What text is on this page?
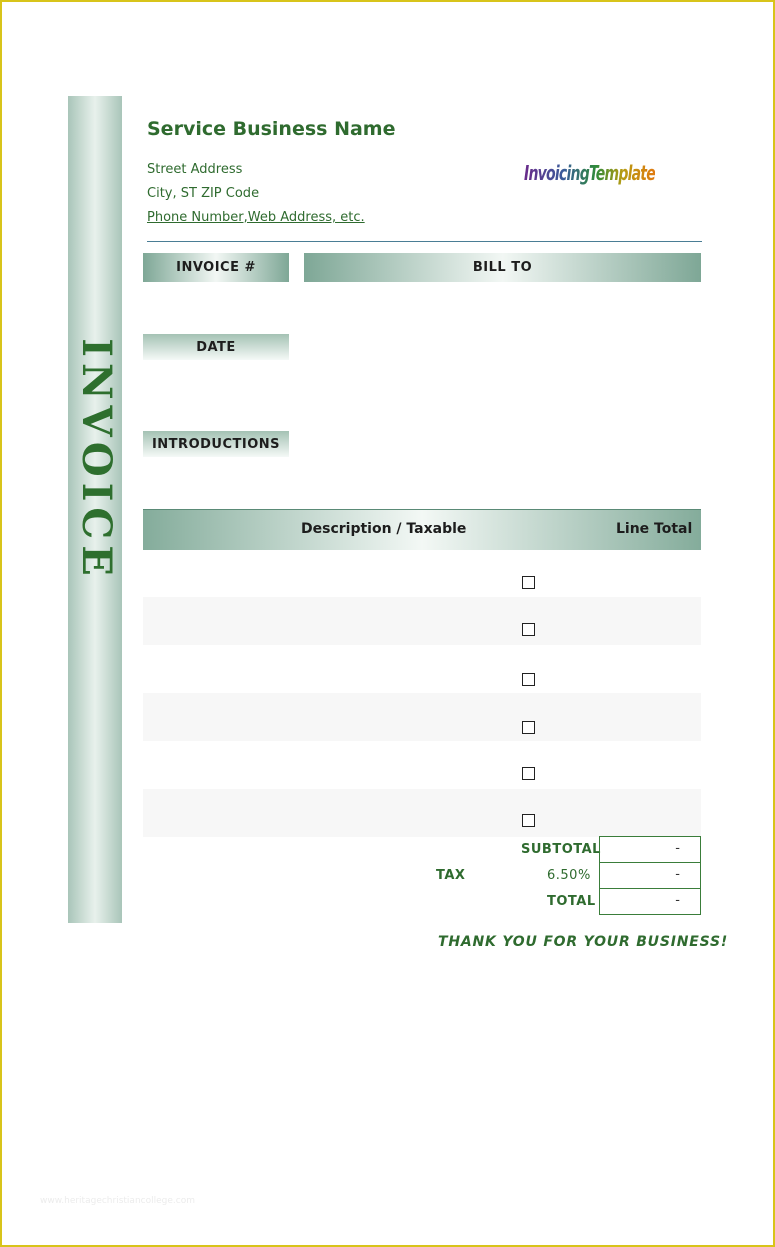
INVOICE
Service Business Name
Street Address
City, ST ZIP Code
Phone Number,Web Address, etc.
InvoicingTemplate
INVOICE #	BILL TO
DATE
INTRODUCTIONS
Description / Taxable	Line Total
SUBTOTAL	-
TAX	6.50%	-
TOTAL	-
THANK YOU FOR YOUR BUSINESS!
www.heritagechristiancollege.com
